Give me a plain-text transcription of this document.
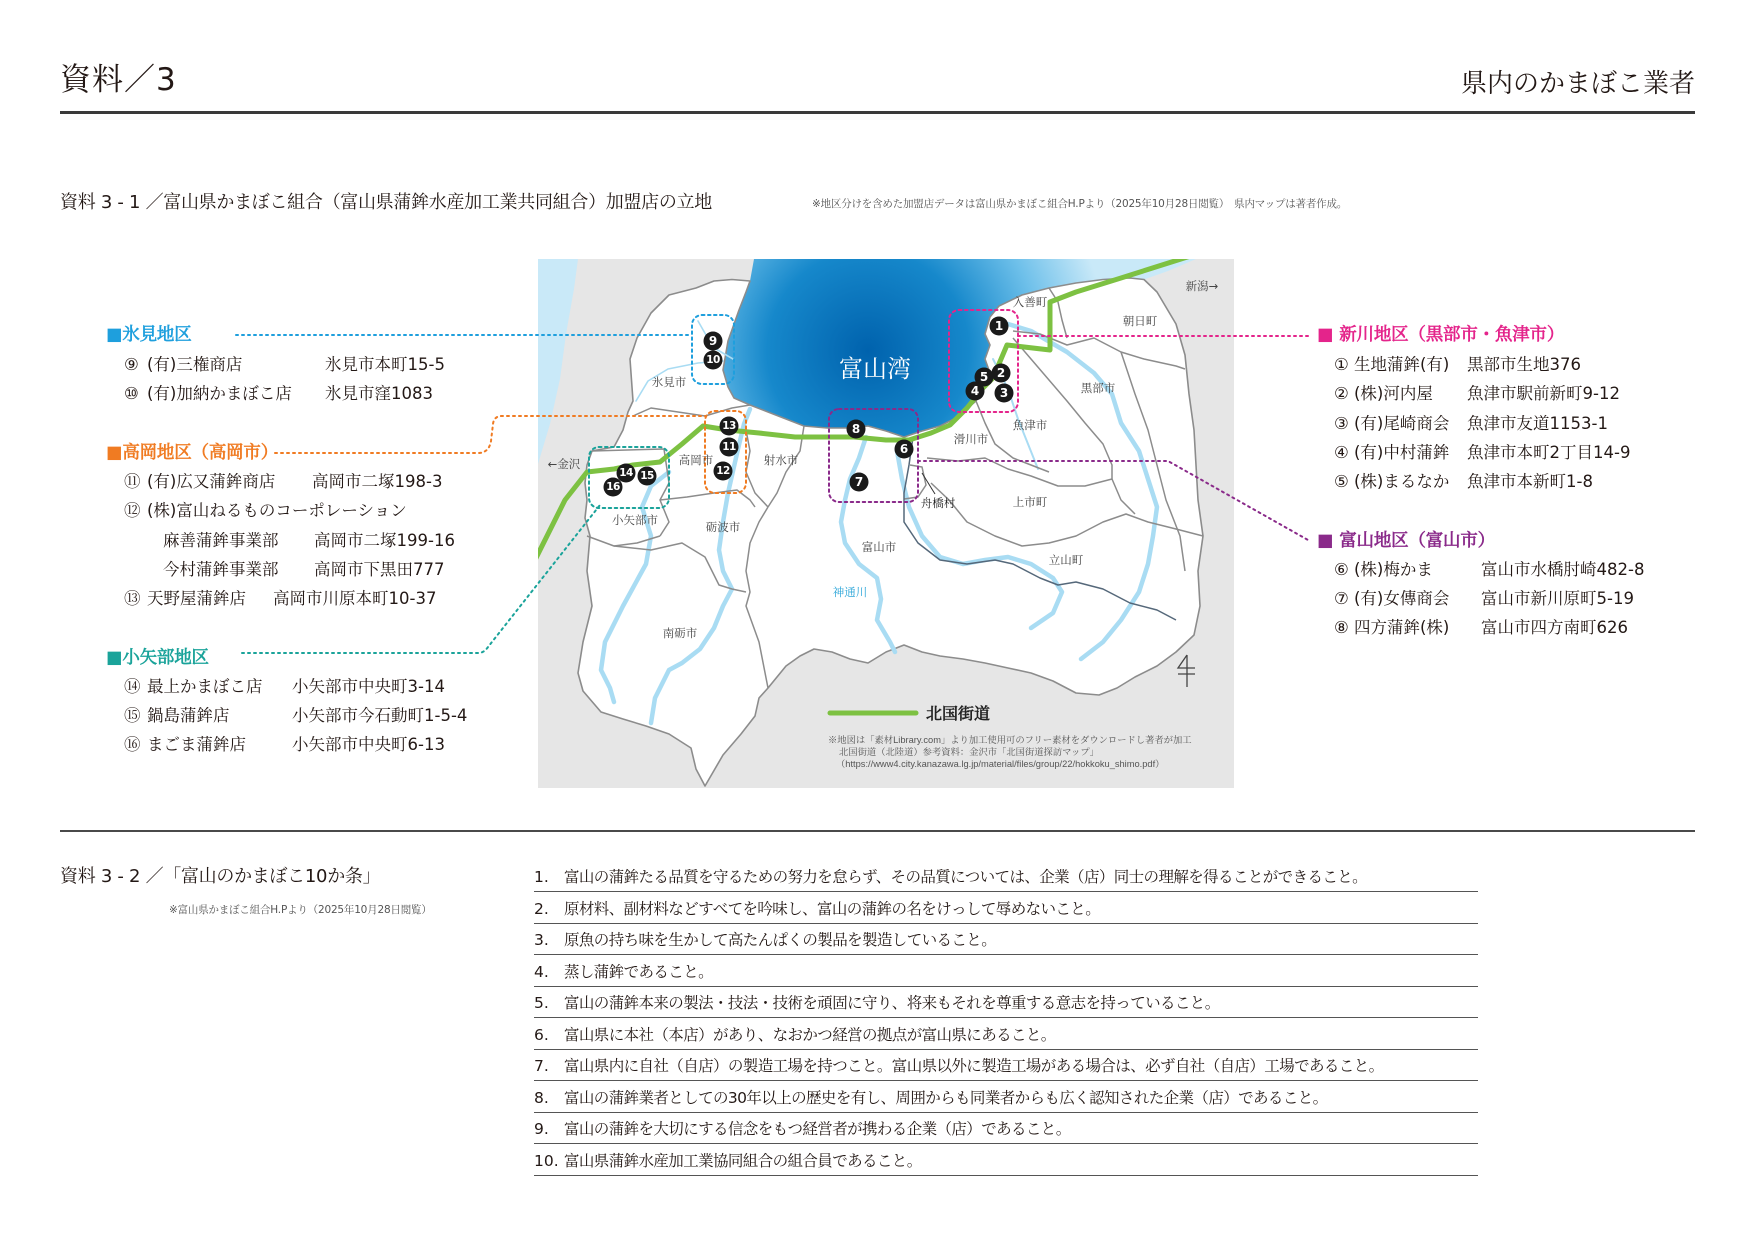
資料／3	県内のかまぼこ業者
資料 3 - 1 ／富山県かまぼこ組合（富山県蒲鉾水産加工業共同組合）加盟店の立地	※地区分けを含めた加盟店データは富山県かまぼこ組合H.Pより（2025年10月28日閲覧）　県内マップは著者作成。
■氷見地区
⑨ (有)三権商店	氷見市本町15-5
⑩ (有)加納かまぼこ店 氷見市窪1083
■高岡地区（高岡市）
⑪ (有)広又蒲鉾商店 高岡市二塚198-3
⑫ (株)富山ねるものコーポレーション
麻善蒲鉾事業部 高岡市二塚199-16
今村蒲鉾事業部 高岡市下黒田777
⑬ 天野屋蒲鉾店 高岡市川原本町10-37
■小矢部地区
⑭ 最上かまぼこ店 小矢部市中央町3-14
⑮ 鍋島蒲鉾店	小矢部市今石動町1-5-4
⑯ まごま蒲鉾店	小矢部市中央町6-13
■ 新川地区（黒部市・魚津市）
① 生地蒲鉾(有) 黒部市生地376
② (株)河内屋 魚津市駅前新町9-12
③ (有)尾崎商会 魚津市友道1153-1
④ (有)中村蒲鉾 魚津市本町2丁目14-9
⑤ (株)まるなか 魚津市本新町1-8
■ 富山地区（富山市）
⑥ (株)梅かま	富山市水橋肘崎482-8
⑦ (有)女傳商会 富山市新川原町5-19
⑧ 四方蒲鉾(株) 富山市四方南町626
富山湾
氷見市
←金沢	高岡市	射水市
小矢部市	砺波市
南砺市
富山市
神通川
舟橋村
滑川市
魚津市
黒部市
入善町
朝日町
新潟→
上市町
立山町
1
4
5
3
2
6
7
8
9
10
13
11
12
16
14 15
北国街道
※地図は「素材Library.com」より加工使用可のフリー素材をダウンロードし著者が加工
北国街道（北陸道）参考資料：金沢市「北国街道探訪マップ」
（https://www4.city.kanazawa.lg.jp/material/files/group/22/hokkoku_shimo.pdf）
資料 3 - 2 ／「富山のかまぼこ10か条」
※富山県かまぼこ組合H.Pより（2025年10月28日閲覧）
1. 富山の蒲鉾たる品質を守るための努力を怠らず、その品質については、企業（店）同士の理解を得ることができること。
2. 原材料、副材料などすべてを吟味し、富山の蒲鉾の名をけっして辱めないこと。
3. 原魚の持ち味を生かして高たんぱくの製品を製造していること。
4. 蒸し蒲鉾であること。
5. 富山の蒲鉾本来の製法・技法・技術を頑固に守り、将来もそれを尊重する意志を持っていること。
6. 富山県に本社（本店）があり、なおかつ経営の拠点が富山県にあること。
7. 富山県内に自社（自店）の製造工場を持つこと。富山県以外に製造工場がある場合は、必ず自社（自店）工場であること。
8. 富山の蒲鉾業者としての30年以上の歴史を有し、周囲からも同業者からも広く認知された企業（店）であること。
9. 富山の蒲鉾を大切にする信念をもつ経営者が携わる企業（店）であること。
10. 富山県蒲鉾水産加工業協同組合の組合員であること。
